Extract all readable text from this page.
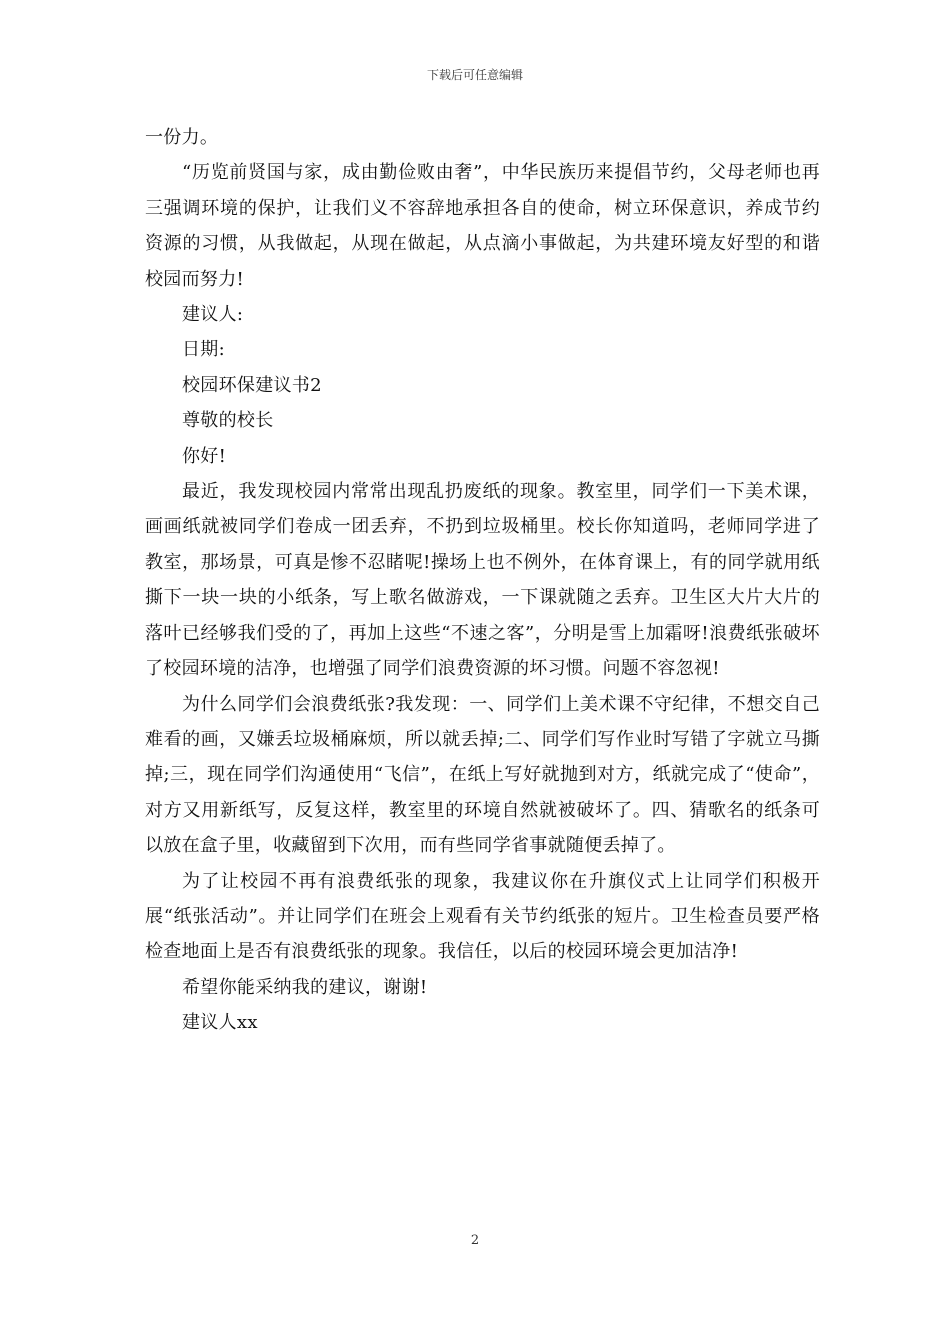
下载后可任意编辑

一份力。

“历览前贤国与家，成由勤俭败由奢”，中华民族历来提倡节约，父母老师也再三强调环境的保护，让我们义不容辞地承担各自的使命，树立环保意识，养成节约资源的习惯，从我做起，从现在做起，从点滴小事做起，为共建环境友好型的和谐校园而努力!

建议人:

日期:

校园环保建议书2

尊敬的校长

你好!

最近，我发现校园内常常出现乱扔废纸的现象。教室里，同学们一下美术课，画画纸就被同学们卷成一团丢弃，不扔到垃圾桶里。校长你知道吗，老师同学进了教室，那场景，可真是惨不忍睹呢!操场上也不例外，在体育课上，有的同学就用纸撕下一块一块的小纸条，写上歌名做游戏，一下课就随之丢弃。卫生区大片大片的落叶已经够我们受的了，再加上这些“不速之客”，分明是雪上加霜呀!浪费纸张破坏了校园环境的洁净，也增强了同学们浪费资源的坏习惯。问题不容忽视!

为什么同学们会浪费纸张?我发现：一、同学们上美术课不守纪律，不想交自己难看的画，又嫌丢垃圾桶麻烦，所以就丢掉;二、同学们写作业时写错了字就立马撕掉;三，现在同学们沟通使用“飞信”，在纸上写好就抛到对方，纸就完成了“使命”，对方又用新纸写，反复这样，教室里的环境自然就被破坏了。四、猜歌名的纸条可以放在盒子里，收藏留到下次用，而有些同学省事就随便丢掉了。

为了让校园不再有浪费纸张的现象，我建议你在升旗仪式上让同学们积极开展“纸张活动”。并让同学们在班会上观看有关节约纸张的短片。卫生检查员要严格检查地面上是否有浪费纸张的现象。我信任，以后的校园环境会更加洁净!

希望你能采纳我的建议，谢谢!

建议人xx

2
